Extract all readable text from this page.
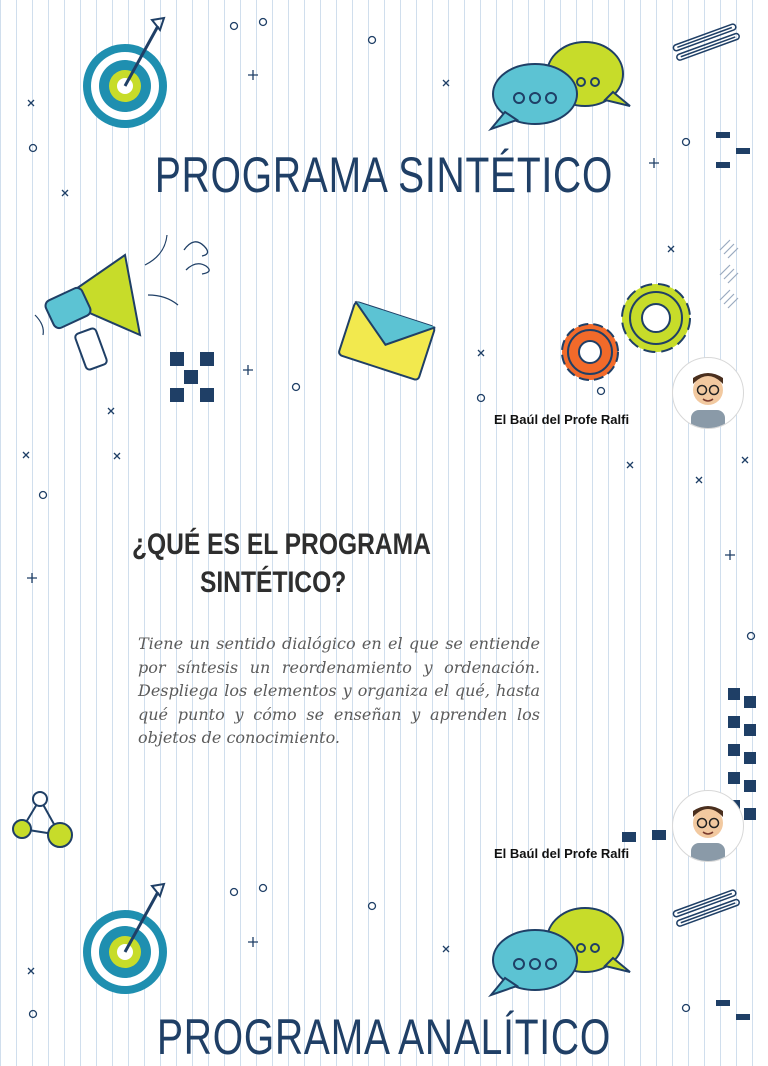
PROGRAMA SINTÉTICO
El Baúl del Profe Ralfi
¿QUÉ ES EL PROGRAMA
SINTÉTICO?
Tiene un sentido dialógico en el que se entiende por síntesis un reordenamiento y ordenación. Despliega los elementos y organiza el qué, hasta qué punto y cómo se enseñan y aprenden los objetos de conocimiento.
El Baúl del Profe Ralfi
PROGRAMA ANALÍTICO
